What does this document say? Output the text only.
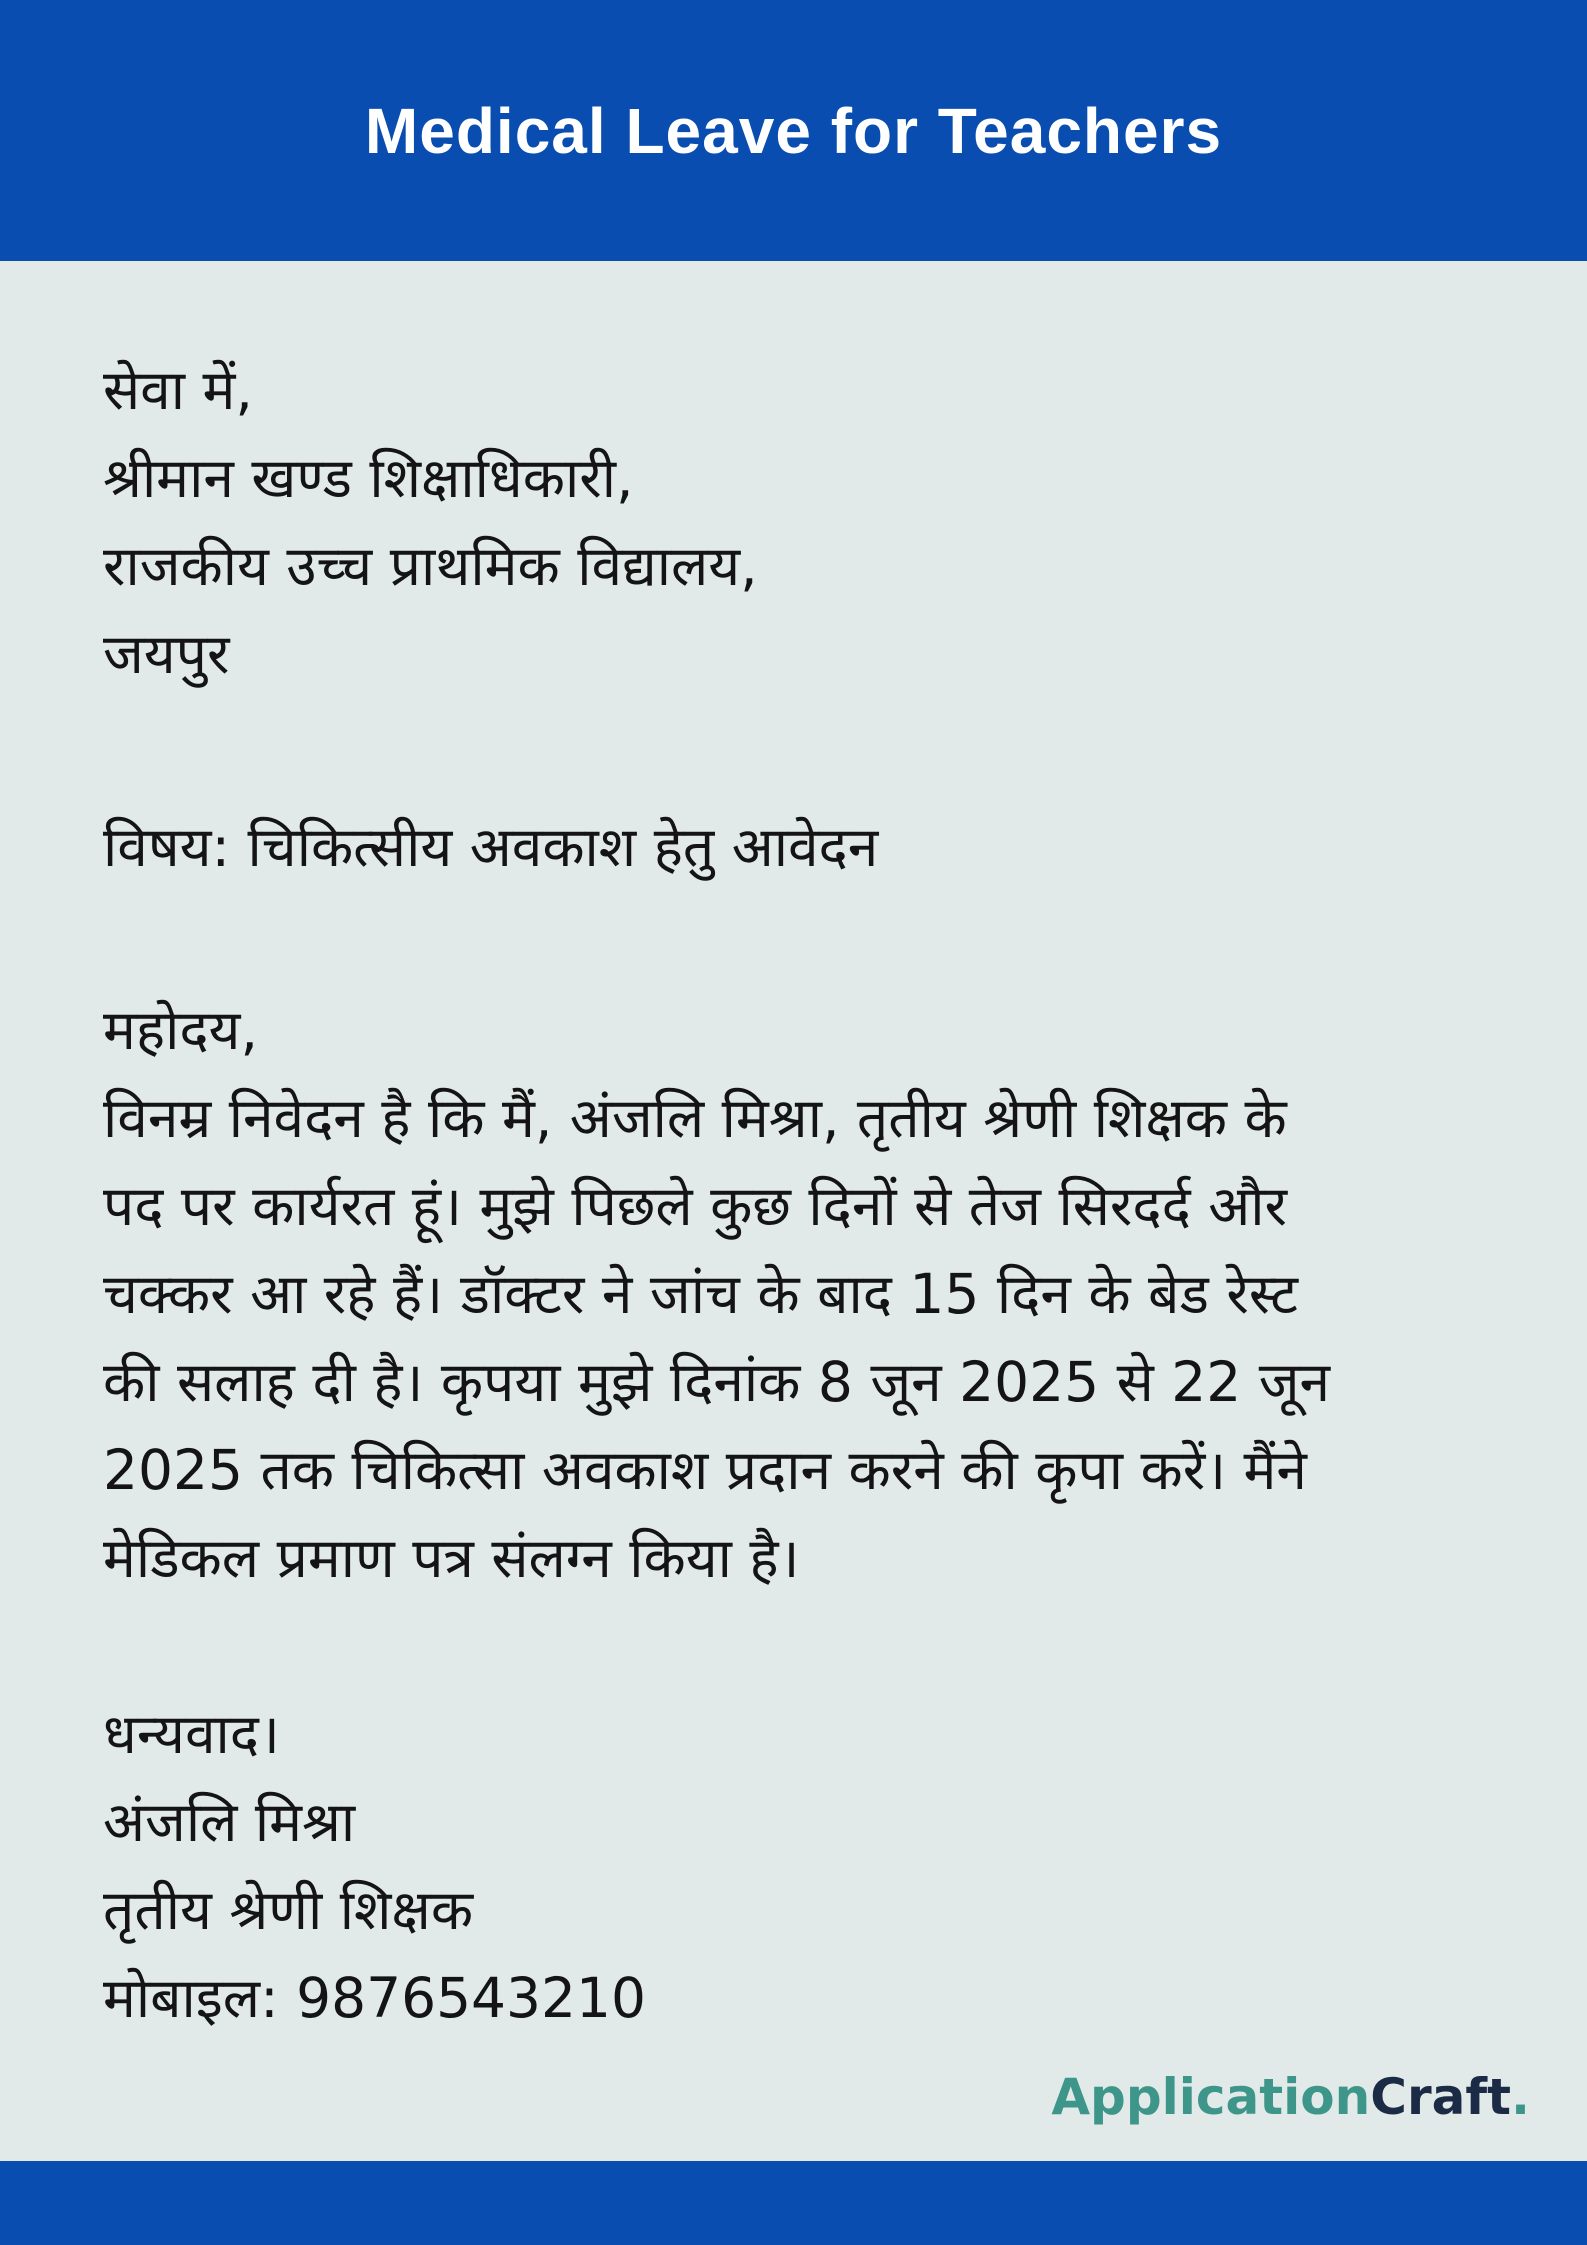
Medical Leave for Teachers
सेवा में,
श्रीमान खण्ड शिक्षाधिकारी,
राजकीय उच्च प्राथमिक विद्यालय,
जयपुर
विषय: चिकित्सीय अवकाश हेतु आवेदन
महोदय,
विनम्र निवेदन है कि मैं, अंजलि मिश्रा, तृतीय श्रेणी शिक्षक के
पद पर कार्यरत हूं। मुझे पिछले कुछ दिनों से तेज सिरदर्द और
चक्कर आ रहे हैं। डॉक्टर ने जांच के बाद 15 दिन के बेड रेस्ट
की सलाह दी है। कृपया मुझे दिनांक 8 जून 2025 से 22 जून
2025 तक चिकित्सा अवकाश प्रदान करने की कृपा करें। मैंने
मेडिकल प्रमाण पत्र संलग्न किया है।
धन्यवाद।
अंजलि मिश्रा
तृतीय श्रेणी शिक्षक
मोबाइल: 9876543210
ApplicationCraft.
